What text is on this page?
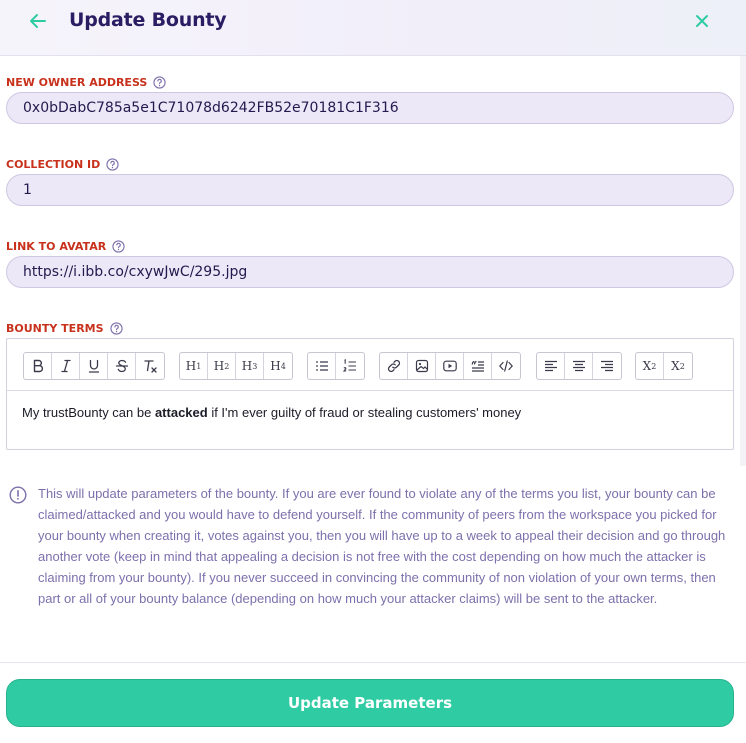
Update Bounty
NEW OWNER ADDRESS
0x0bDabC785a5e1C71078d6242FB52e70181C1F316
COLLECTION ID
1
LINK TO AVATAR
https://i.ibb.co/cxywJwC/295.jpg
BOUNTY TERMS
H 1 H 2 H 3 H 4	X 2 X 2
My trustBounty can be attacked if I'm ever guilty of fraud or stealing customers' money
This will update parameters of the bounty. If you are ever found to violate any of the terms you list, your bounty can be claimed/attacked and you would have to defend yourself. If the community of peers from the workspace you picked for your bounty when creating it, votes against you, then you will have up to a week to appeal their decision and go through another vote (keep in mind that appealing a decision is not free with the cost depending on how much the attacker is claiming from your bounty). If you never succeed in convincing the community of non violation of your own terms, then part or all of your bounty balance (depending on how much your attacker claims) will be sent to the attacker.
Update Parameters
